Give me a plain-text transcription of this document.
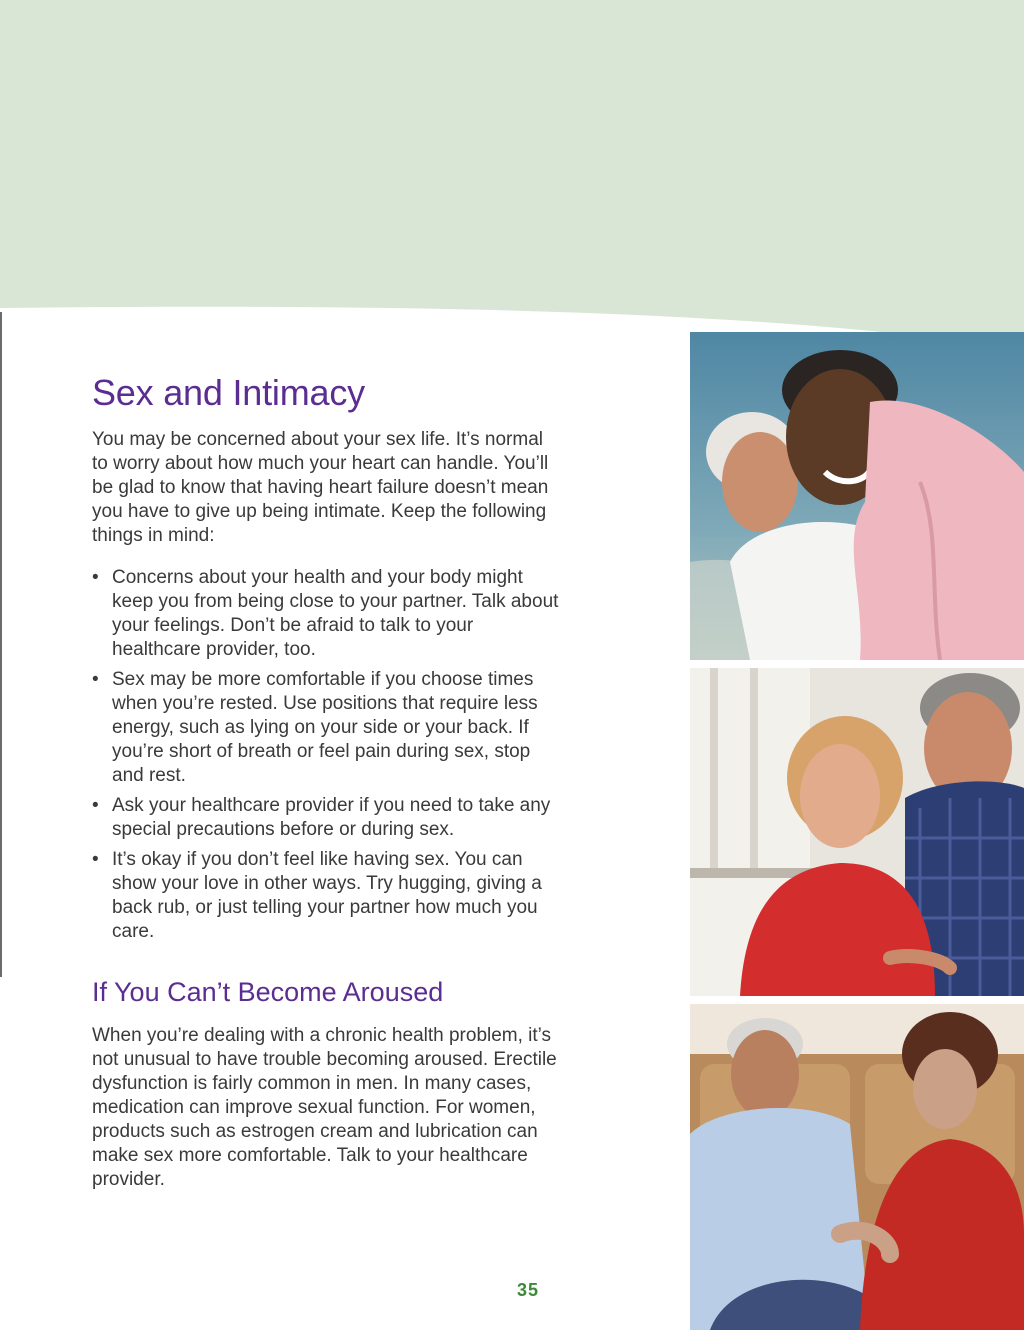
Sex and Intimacy

You may be concerned about your sex life. It’s normal to worry about how much your heart can handle. You’ll be glad to know that having heart failure doesn’t mean you have to give up being intimate. Keep the following things in mind:

• Concerns about your health and your body might keep you from being close to your partner. Talk about your feelings. Don’t be afraid to talk to your healthcare provider, too.
• Sex may be more comfortable if you choose times when you’re rested. Use positions that require less energy, such as lying on your side or your back. If you’re short of breath or feel pain during sex, stop and rest.
• Ask your healthcare provider if you need to take any special precautions before or during sex.
• It’s okay if you don’t feel like having sex. You can show your love in other ways. Try hugging, giving a back rub, or just telling your partner how much you care.
If You Can’t Become Aroused

When you’re dealing with a chronic health problem, it’s not unusual to have trouble becoming aroused. Erectile dysfunction is fairly common in men. In many cases, medication can improve sexual function. For women, products such as estrogen cream and lubrication can make sex more comfortable. Talk to your healthcare provider.

35
